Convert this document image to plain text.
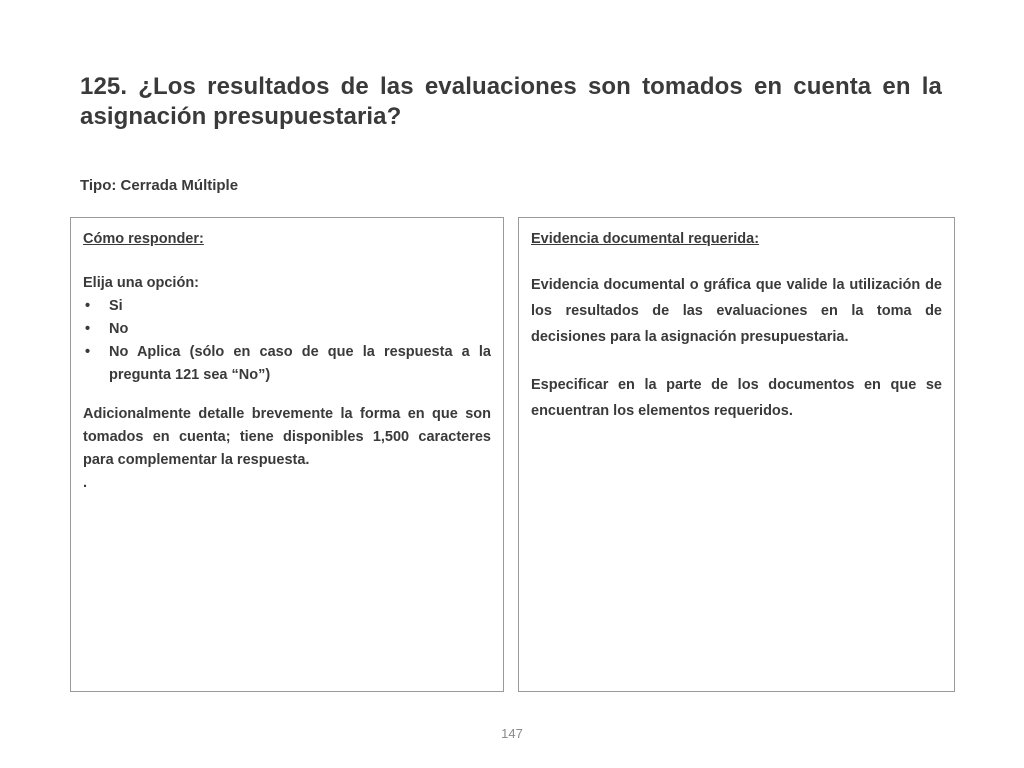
125. ¿Los resultados de las evaluaciones son tomados en cuenta en la asignación presupuestaria?

Tipo: Cerrada Múltiple

Cómo responder:

Elija una opción:

• Si
• No
• No Aplica (sólo en caso de que la respuesta a la pregunta 121 sea “No”)

Adicionalmente detalle brevemente la forma en que son tomados en cuenta; tiene disponibles 1,500 caracteres para complementar la respuesta.

.

Evidencia documental requerida:

Evidencia documental o gráfica que valide la utilización de los resultados de las evaluaciones en la toma de decisiones para la asignación presupuestaria.

Especificar en la parte de los documentos en que se encuentran los elementos requeridos.

147
